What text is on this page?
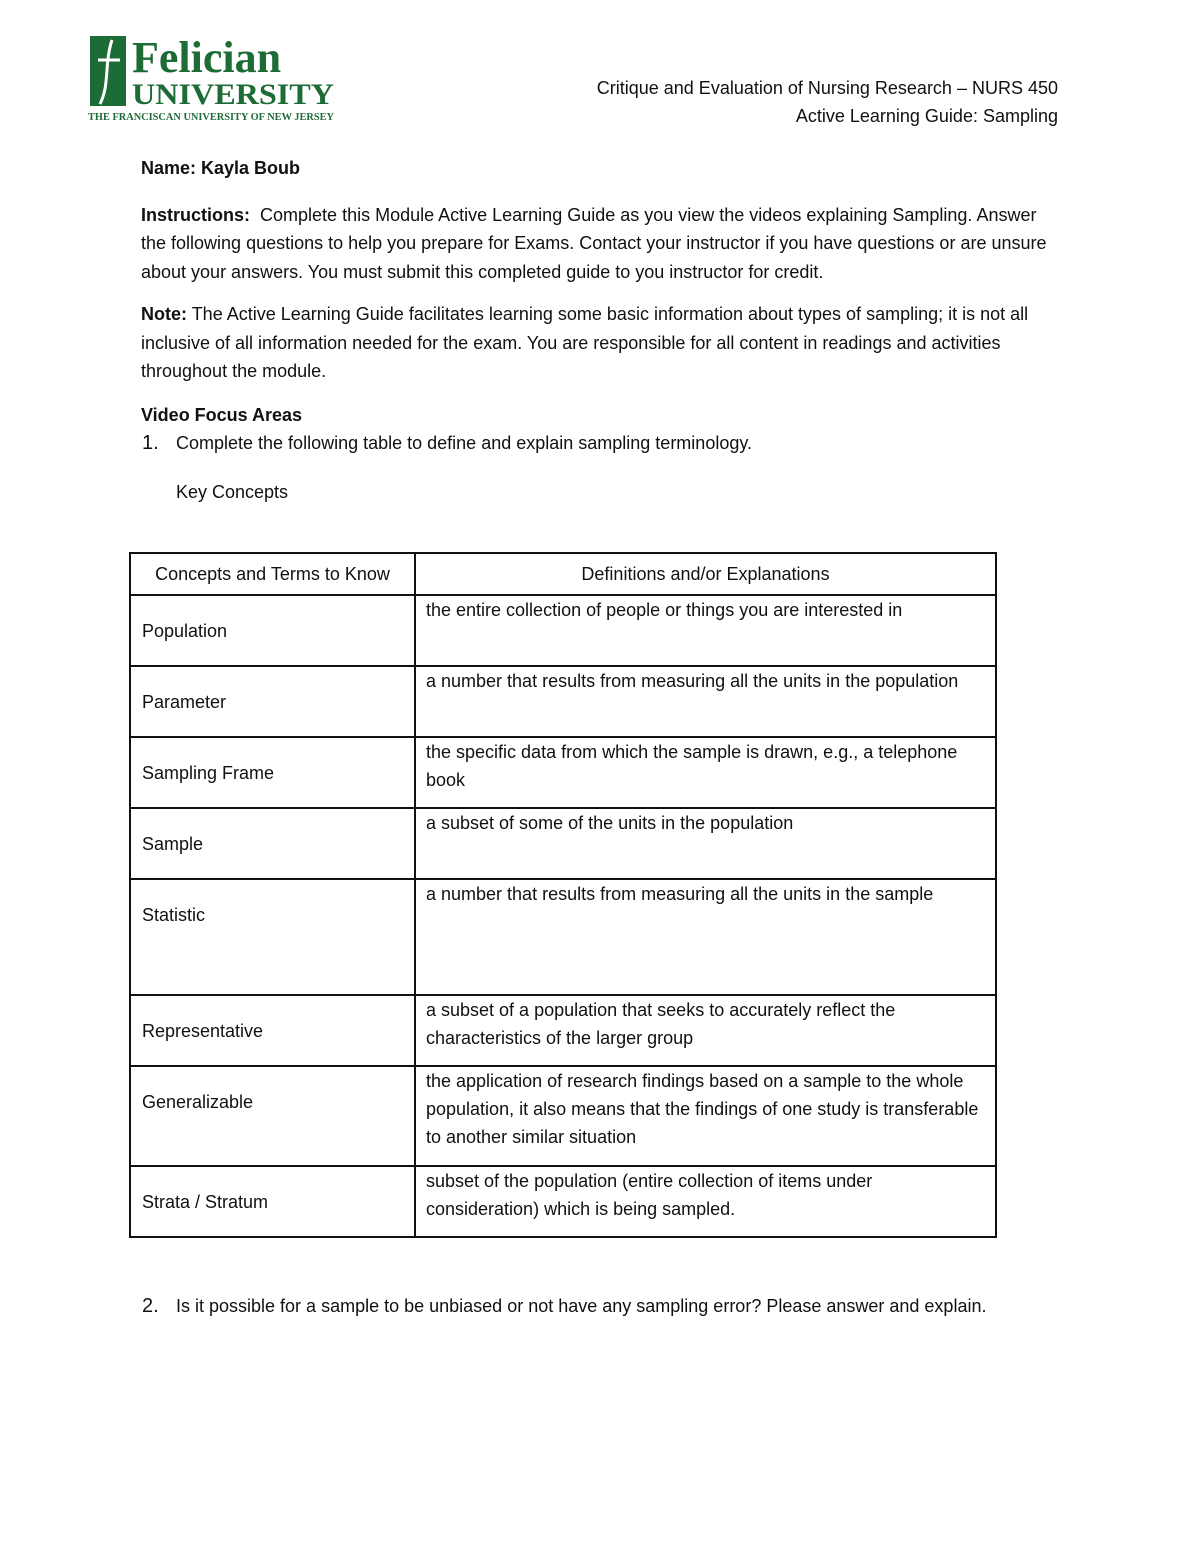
Felician
UNIVERSITY
THE FRANCISCAN UNIVERSITY OF NEW JERSEY
Critique and Evaluation of Nursing Research – NURS 450
Active Learning Guide: Sampling

Name: Kayla Boub

Instructions: Complete this Module Active Learning Guide as you view the videos explaining Sampling. Answer the following questions to help you prepare for Exams. Contact your instructor if you have questions or are unsure about your answers. You must submit this completed guide to you instructor for credit.

Note: The Active Learning Guide facilitates learning some basic information about types of sampling; it is not all inclusive of all information needed for the exam. You are responsible for all content in readings and activities throughout the module.

Video Focus Areas
1. Complete the following table to define and explain sampling terminology.
Key Concepts
Concepts and Terms to Know	Definitions and/or Explanations
Population	the entire collection of people or things you are interested in
Parameter	a number that results from measuring all the units in the population
Sampling Frame	the specific data from which the sample is drawn, e.g., a telephone book
Sample	a subset of some of the units in the population
Statistic	a number that results from measuring all the units in the sample
Representative	a subset of a population that seeks to accurately reflect the characteristics of the larger group
Generalizable	the application of research findings based on a sample to the whole population, it also means that the findings of one study is transferable to another similar situation
Strata / Stratum	subset of the population (entire collection of items under consideration) which is being sampled.
2. Is it possible for a sample to be unbiased or not have any sampling error? Please answer and explain.
